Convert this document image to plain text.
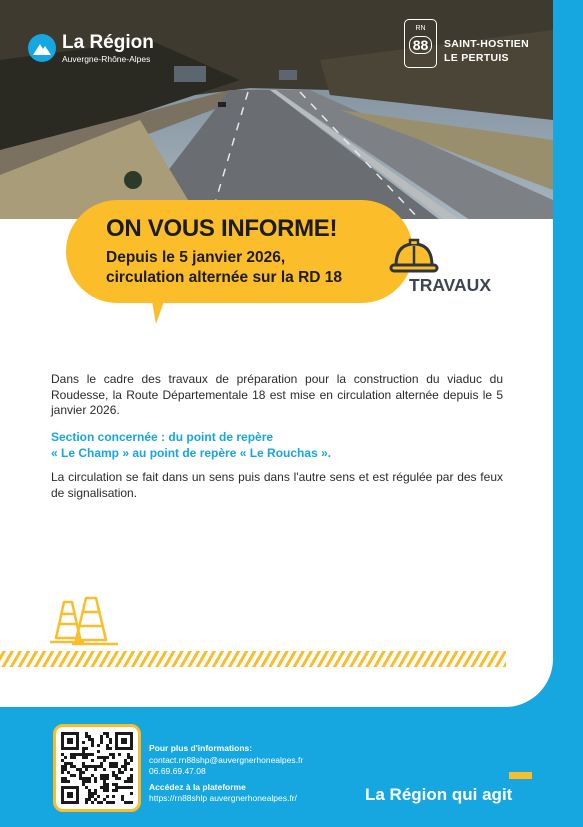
La Région
Auvergne-Rhône-Alpes
RN
88	SAINT-HOSTIEN
LE PERTUIS
ON VOUS INFORME!
Depuis le 5 janvier 2026,
circulation alternée sur la RD 18	TRAVAUX

Dans le cadre des travaux de préparation pour la construction du viaduc du Roudesse, la Route Départementale 18 est mise en circulation alternée depuis le 5 janvier 2026.

Section concernée : du point de repère
« Le Champ » au point de repère « Le Rouchas ».

La circulation se fait dans un sens puis dans l'autre sens et est régulée par des feux de signalisation.

Pour plus d'informations:
contact.rn88shp@auvergnerhonealpes.fr
06.69.69.47.08
Accédez à la plateforme
https://rn88shlp auvergnerhonealpes.fr/	La Région qui agit
